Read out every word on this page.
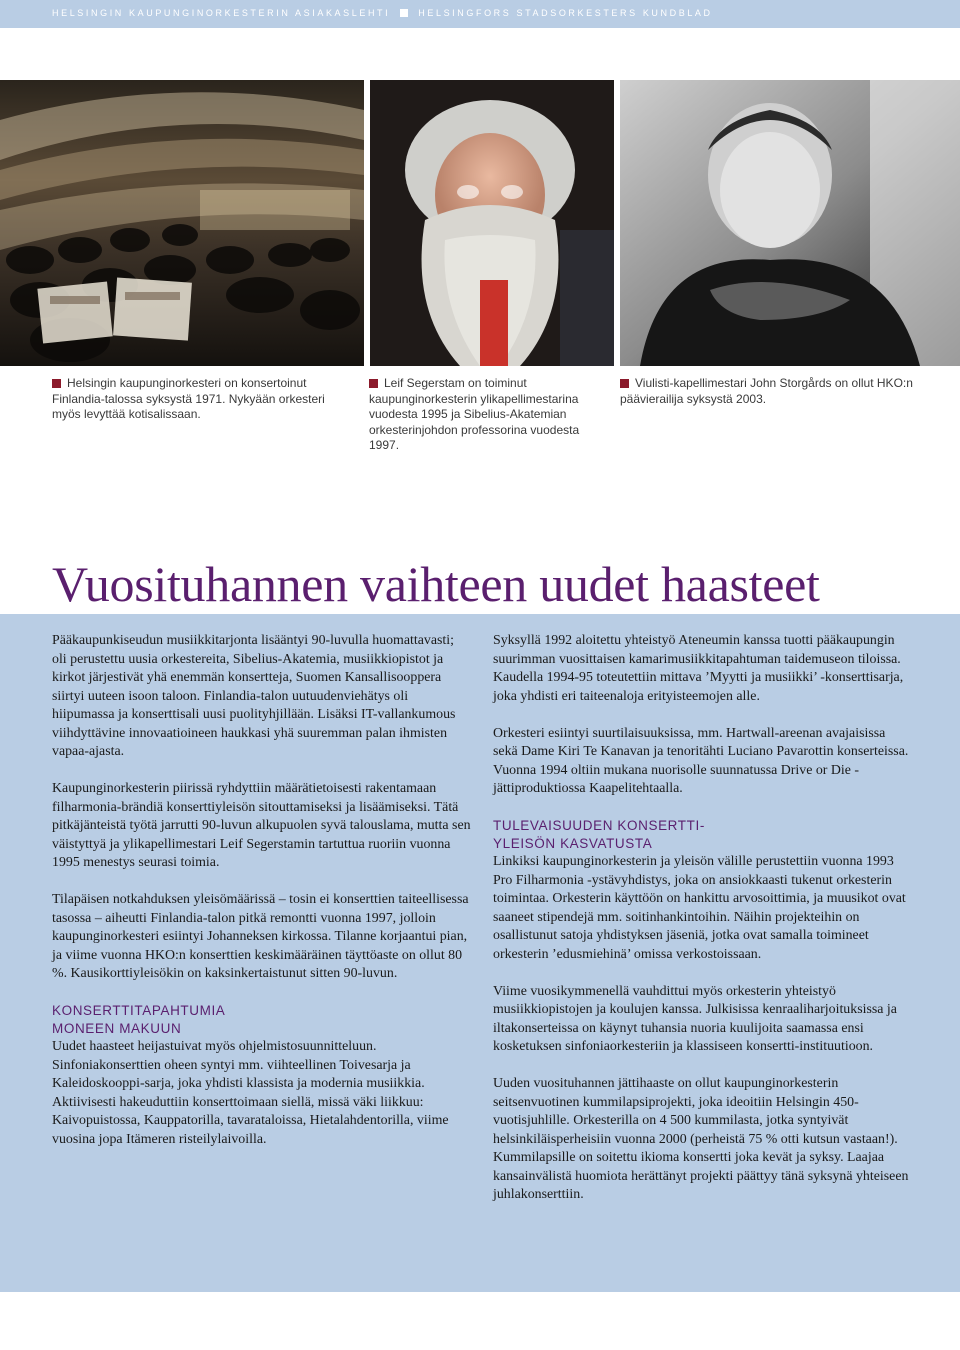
HELSINGIN KAUPUNGINORKESTERIN ASIAKASLEHTI	HELSINGFORS STADSORKESTERS KUNDBLAD
Helsingin kaupunginorkesteri on konsertoinut Finlandia-talossa syksystä 1971. Nykyään orkesteri myös levyttää kotisalissaan.
Leif Segerstam on toiminut kaupunginorkesterin ylikapellimestarina vuodesta 1995 ja Sibelius-Akatemian orkesterinjohdon professorina vuodesta 1997.
Viulisti-kapellimestari John Storgårds on ollut HKO:n päävierailija syksystä 2003.
Vuosituhannen vaihteen uudet haasteet

Pääkaupunkiseudun musiikkitarjonta lisääntyi 90-luvulla huomattavasti; oli perustettu uusia orkestereita, Sibelius-Akatemia, musiikkiopistot ja kirkot järjestivät yhä enemmän konsertteja, Suomen Kansallisooppera siirtyi uuteen isoon taloon. Finlandia-talon uutuudenviehätys oli hiipumassa ja konserttisali uusi puolityhjillään. Lisäksi IT-vallankumous viihdyttävine innovaatioineen haukkasi yhä suuremman palan ihmisten vapaa-ajasta.

Kaupunginorkesterin piirissä ryhdyttiin määrätietoisesti rakentamaan filharmonia-brändiä konserttiyleisön sitouttamiseksi ja lisäämiseksi. Tätä pitkäjänteistä työtä jarrutti 90-luvun alkupuolen syvä talouslama, mutta sen väistyttyä ja ylikapellimestari Leif Segerstamin tartuttua ruoriin vuonna 1995 menestys seurasi toimia.

Tilapäisen notkahduksen yleisömäärissä – tosin ei konserttien taiteellisessa tasossa – aiheutti Finlandia-talon pitkä remontti vuonna 1997, jolloin kaupunginorkesteri esiintyi Johanneksen kirkossa. Tilanne korjaantui pian, ja viime vuonna HKO:n konserttien keskimääräinen täyttöaste on ollut 80 %. Kausikorttiyleisökin on kaksinkertaistunut sitten 90-luvun.

KONSERTTITAPAHTUMIA
MONEEN MAKUUN

Uudet haasteet heijastuivat myös ohjelmistosuunnitteluun. Sinfoniakonserttien oheen syntyi mm. viihteellinen Toivesarja ja Kaleidoskooppi-sarja, joka yhdisti klassista ja modernia musiikkia. Aktiivisesti hakeuduttiin konserttoimaan siellä, missä väki liikkuu: Kaivopuistossa, Kauppatorilla, tavarataloissa, Hietalahdentorilla, viime vuosina jopa Itämeren risteilylaivoilla.

Syksyllä 1992 aloitettu yhteistyö Ateneumin kanssa tuotti pääkaupungin suurimman vuosittaisen kamarimusiikkitapahtuman taidemuseon tiloissa. Kaudella 1994-95 toteutettiin mittava ’Myytti ja musiikki’ -konserttisarja, joka yhdisti eri taiteenaloja erityisteemojen alle.

Orkesteri esiintyi suurtilaisuuksissa, mm. Hartwall-areenan avajaisissa sekä Dame Kiri Te Kanavan ja tenoritähti Luciano Pavarottin konserteissa. Vuonna 1994 oltiin mukana nuorisolle suunnatussa Drive or Die -jättiproduktiossa Kaapelitehtaalla.

TULEVAISUUDEN KONSERTTI-
YLEISÖN KASVATUSTA

Linkiksi kaupunginorkesterin ja yleisön välille perustettiin vuonna 1993 Pro Filharmonia -ystävyhdistys, joka on ansiokkaasti tukenut orkesterin toimintaa. Orkesterin käyttöön on hankittu arvosoittimia, ja muusikot ovat saaneet stipendejä mm. soitinhankintoihin. Näihin projekteihin on osallistunut satoja yhdistyksen jäseniä, jotka ovat samalla toimineet orkesterin ’edusmiehinä’ omissa verkostoissaan.

Viime vuosikymmenellä vauhdittui myös orkesterin yhteistyö musiikkiopistojen ja koulujen kanssa. Julkisissa kenraaliharjoituksissa ja iltakonserteissa on käynyt tuhansia nuoria kuulijoita saamassa ensi kosketuksen sinfoniaorkesteriin ja klassiseen konsertti-instituutioon.

Uuden vuosituhannen jättihaaste on ollut kaupunginorkesterin seitsenvuotinen kummilapsiprojekti, joka ideoitiin Helsingin 450-vuotisjuhlille. Orkesterilla on 4 500 kummilasta, jotka syntyivät helsinkiläisperheisiin vuonna 2000 (perheistä 75 % otti kutsun vastaan!). Kummilapsille on soitettu ikioma konsertti joka kevät ja syksy. Laajaa kansainvälistä huomiota herättänyt projekti päättyy tänä syksynä yhteiseen juhlakonserttiin.
